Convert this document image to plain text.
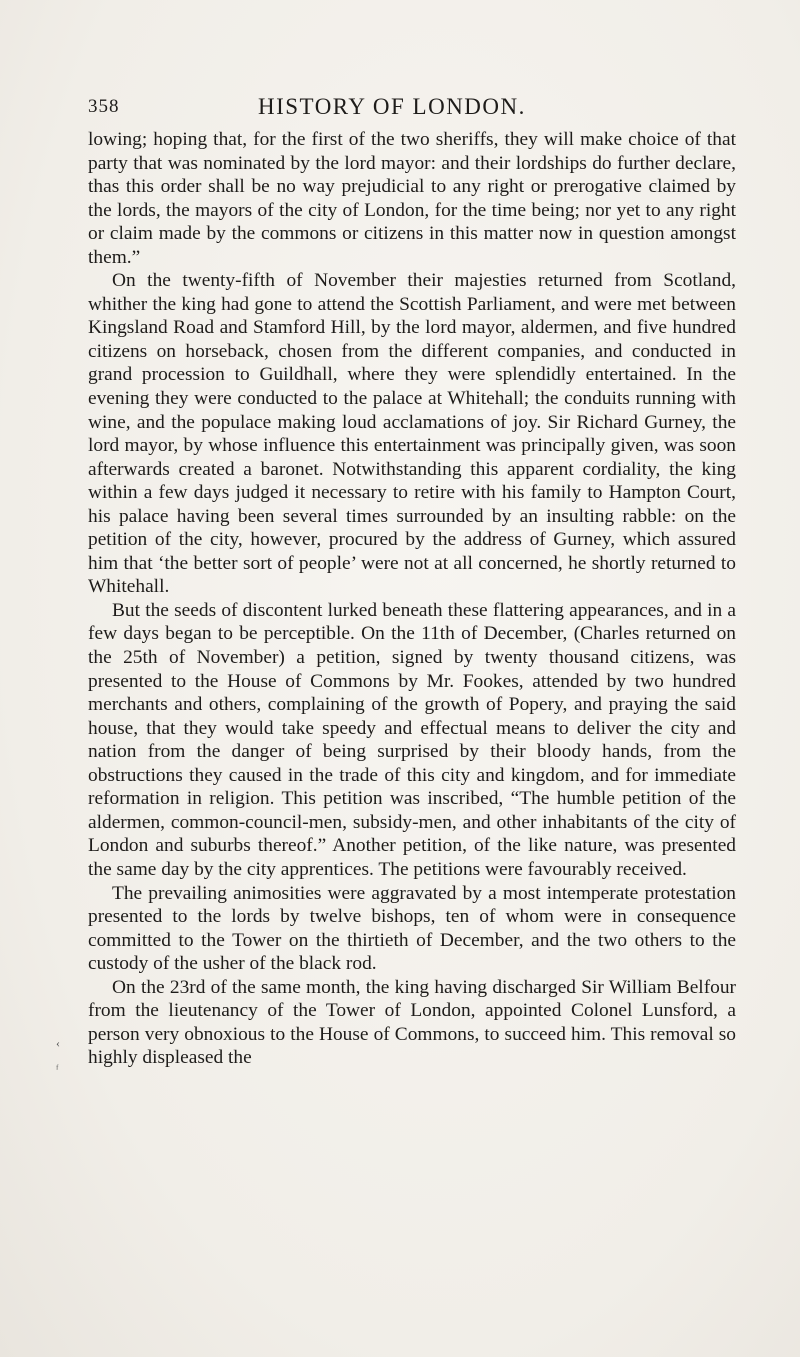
358	HISTORY OF LONDON.

lowing; hoping that, for the first of the two sheriffs, they will make choice of that party that was nominated by the lord mayor: and their lordships do further declare, thas this order shall be no way prejudicial to any right or prerogative claimed by the lords, the mayors of the city of London, for the time being; nor yet to any right or claim made by the commons or citizens in this matter now in question amongst them.”

On the twenty-fifth of November their majesties returned from Scotland, whither the king had gone to attend the Scottish Parliament, and were met between Kingsland Road and Stamford Hill, by the lord mayor, aldermen, and five hundred citizens on horseback, chosen from the different companies, and conducted in grand procession to Guildhall, where they were splendidly entertained. In the evening they were conducted to the palace at Whitehall; the conduits running with wine, and the populace making loud acclamations of joy. Sir Richard Gurney, the lord mayor, by whose influence this entertainment was principally given, was soon afterwards created a baronet. Notwithstanding this apparent cordiality, the king within a few days judged it necessary to retire with his family to Hampton Court, his palace having been several times surrounded by an insulting rabble: on the petition of the city, however, procured by the address of Gurney, which assured him that ‘the better sort of people’ were not at all concerned, he shortly returned to Whitehall.

But the seeds of discontent lurked beneath these flattering appearances, and in a few days began to be perceptible. On the 11th of December, (Charles returned on the 25th of November) a petition, signed by twenty thousand citizens, was presented to the House of Commons by Mr. Fookes, attended by two hundred merchants and others, complaining of the growth of Popery, and praying the said house, that they would take speedy and effectual means to deliver the city and nation from the danger of being surprised by their bloody hands, from the obstructions they caused in the trade of this city and kingdom, and for immediate reformation in religion. This petition was inscribed, “The humble petition of the aldermen, common-council-men, subsidy-men, and other inhabitants of the city of London and suburbs thereof.” Another petition, of the like nature, was presented the same day by the city apprentices. The petitions were favourably received.

The prevailing animosities were aggravated by a most intemperate protestation presented to the lords by twelve bishops, ten of whom were in consequence committed to the Tower on the thirtieth of December, and the two others to the custody of the usher of the black rod.

On the 23rd of the same month, the king having discharged Sir William Belfour from the lieutenancy of the Tower of London, appointed Colonel Lunsford, a person very obnoxious to the House of Commons, to succeed him. This removal so highly displeased the

‹
ᶠ
